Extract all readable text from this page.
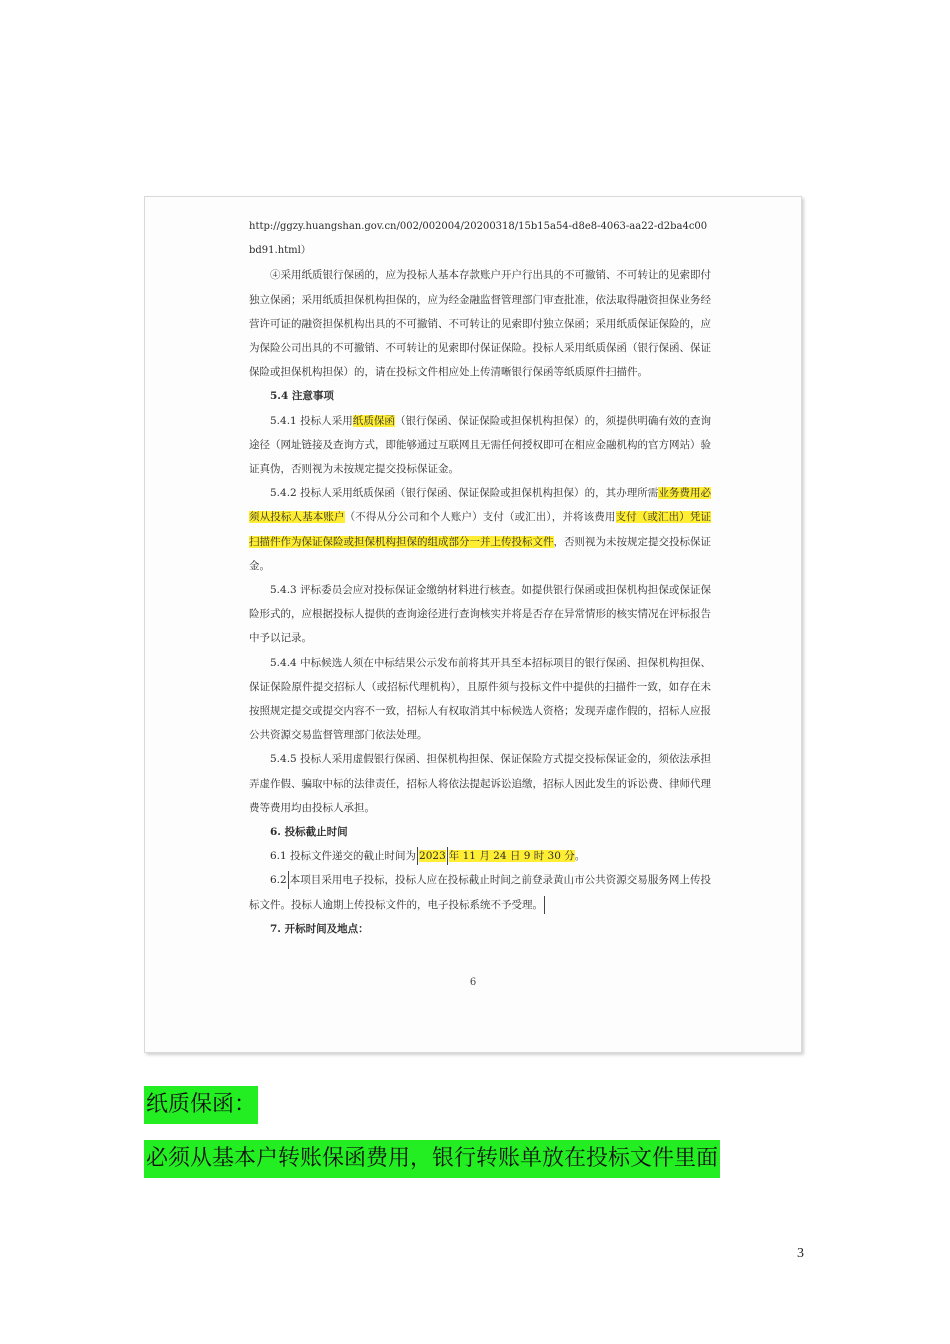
http://ggzy.huangshan.gov.cn/002/002004/20200318/15b15a54-d8e8-4063-aa22-d2ba4c00bd91.html）

④采用纸质银行保函的，应为投标人基本存款账户开户行出具的不可撤销、不可转让的见索即付独立保函；采用纸质担保机构担保的，应为经金融监督管理部门审查批准，依法取得融资担保业务经营许可证的融资担保机构出具的不可撤销、不可转让的见索即付独立保函；采用纸质保证保险的，应为保险公司出具的不可撤销、不可转让的见索即付保证保险。投标人采用纸质保函（银行保函、保证保险或担保机构担保）的，请在投标文件相应处上传清晰银行保函等纸质原件扫描件。

5.4 注意事项

5.4.1 投标人采用纸质保函（银行保函、保证保险或担保机构担保）的，须提供明确有效的查询途径（网址链接及查询方式，即能够通过互联网且无需任何授权即可在相应金融机构的官方网站）验证真伪，否则视为未按规定提交投标保证金。

5.4.2 投标人采用纸质保函（银行保函、保证保险或担保机构担保）的，其办理所需业务费用必须从投标人基本账户（不得从分公司和个人账户）支付（或汇出），并将该费用支付（或汇出）凭证扫描件作为保证保险或担保机构担保的组成部分一并上传投标文件，否则视为未按规定提交投标保证金。

5.4.3 评标委员会应对投标保证金缴纳材料进行核查。如提供银行保函或担保机构担保或保证保险形式的，应根据投标人提供的查询途径进行查询核实并将是否存在异常情形的核实情况在评标报告中予以记录。

5.4.4 中标候选人须在中标结果公示发布前将其开具至本招标项目的银行保函、担保机构担保、保证保险原件提交招标人（或招标代理机构），且原件须与投标文件中提供的扫描件一致，如存在未按照规定提交或提交内容不一致，招标人有权取消其中标候选人资格；发现弄虚作假的，招标人应报公共资源交易监督管理部门依法处理。

5.4.5 投标人采用虚假银行保函、担保机构担保、保证保险方式提交投标保证金的，须依法承担弄虚作假、骗取中标的法律责任，招标人将依法提起诉讼追缴，招标人因此发生的诉讼费、律师代理费等费用均由投标人承担。

6. 投标截止时间

6.1 投标文件递交的截止时间为 2023 年 11 月 24 日 9 时 30 分。

6.2 本项目采用电子投标，投标人应在投标截止时间之前登录黄山市公共资源交易服务网上传投标文件。投标人逾期上传投标文件的，电子投标系统不予受理。

7. 开标时间及地点：
6
纸质保函：
必须从基本户转账保函费用，银行转账单放在投标文件里面
3
